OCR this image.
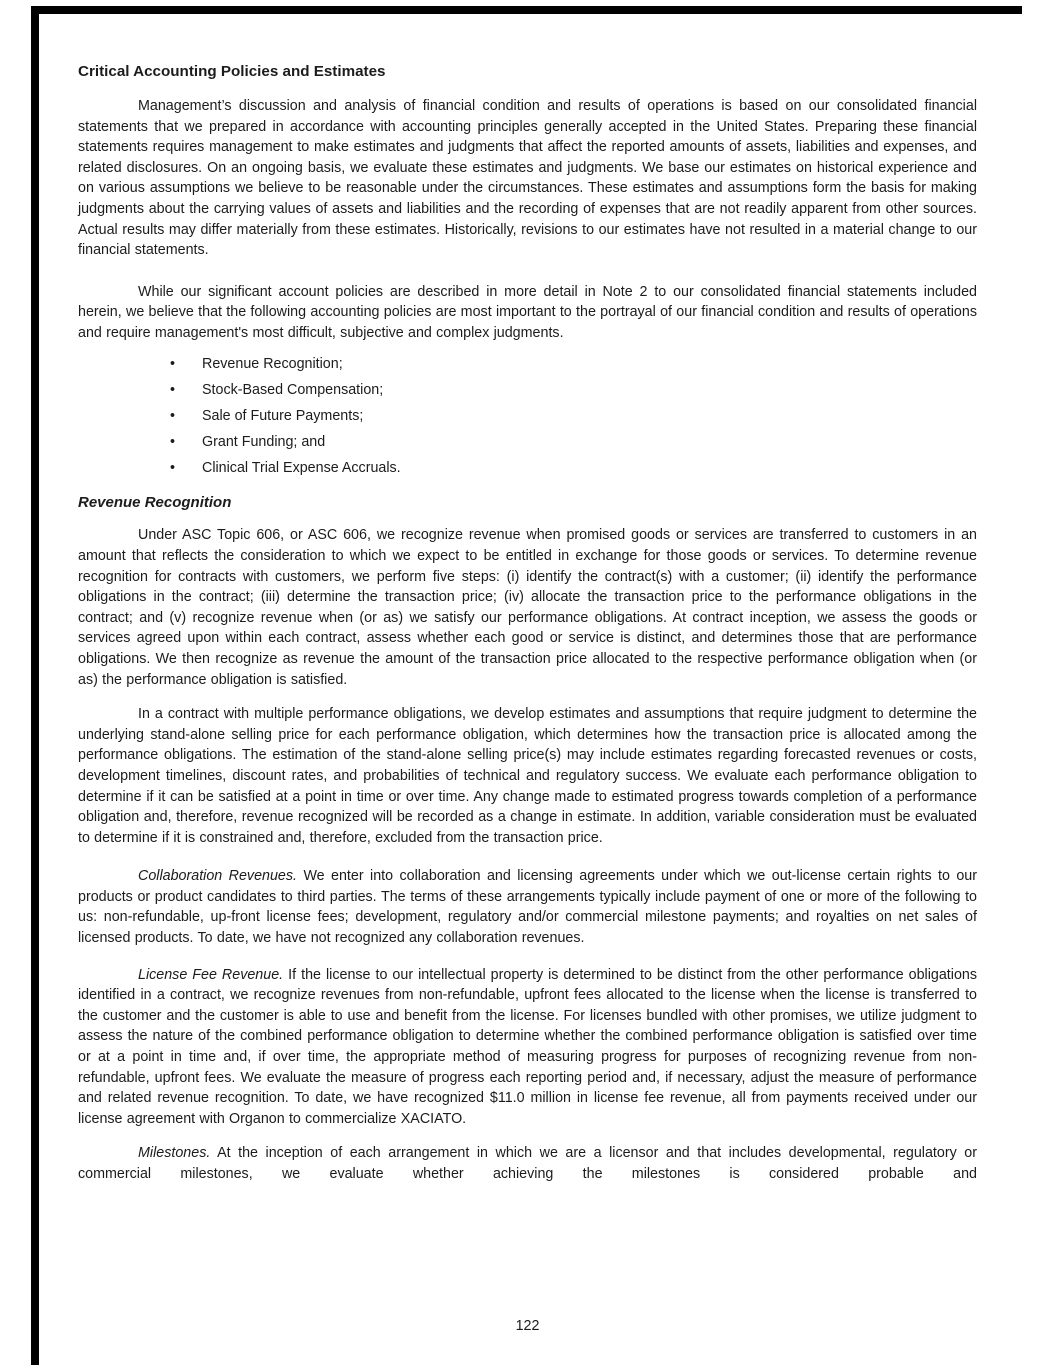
Critical Accounting Policies and Estimates

Management’s discussion and analysis of financial condition and results of operations is based on our consolidated financial statements that we prepared in accordance with accounting principles generally accepted in the United States. Preparing these financial statements requires management to make estimates and judgments that affect the reported amounts of assets, liabilities and expenses, and related disclosures. On an ongoing basis, we evaluate these estimates and judgments. We base our estimates on historical experience and on various assumptions we believe to be reasonable under the circumstances. These estimates and assumptions form the basis for making judgments about the carrying values of assets and liabilities and the recording of expenses that are not readily apparent from other sources. Actual results may differ materially from these estimates. Historically, revisions to our estimates have not resulted in a material change to our financial statements.

While our significant account policies are described in more detail in Note 2 to our consolidated financial statements included herein, we believe that the following accounting policies are most important to the portrayal of our financial condition and results of operations and require management's most difficult, subjective and complex judgments.

• Revenue Recognition;
• Stock-Based Compensation;
• Sale of Future Payments;
• Grant Funding; and
• Clinical Trial Expense Accruals.
Revenue Recognition

Under ASC Topic 606, or ASC 606, we recognize revenue when promised goods or services are transferred to customers in an amount that reflects the consideration to which we expect to be entitled in exchange for those goods or services. To determine revenue recognition for contracts with customers, we perform five steps: (i) identify the contract(s) with a customer; (ii) identify the performance obligations in the contract; (iii) determine the transaction price; (iv) allocate the transaction price to the performance obligations in the contract; and (v) recognize revenue when (or as) we satisfy our performance obligations. At contract inception, we assess the goods or services agreed upon within each contract, assess whether each good or service is distinct, and determines those that are performance obligations. We then recognize as revenue the amount of the transaction price allocated to the respective performance obligation when (or as) the performance obligation is satisfied.

In a contract with multiple performance obligations, we develop estimates and assumptions that require judgment to determine the underlying stand-alone selling price for each performance obligation, which determines how the transaction price is allocated among the performance obligations. The estimation of the stand-alone selling price(s) may include estimates regarding forecasted revenues or costs, development timelines, discount rates, and probabilities of technical and regulatory success. We evaluate each performance obligation to determine if it can be satisfied at a point in time or over time. Any change made to estimated progress towards completion of a performance obligation and, therefore, revenue recognized will be recorded as a change in estimate. In addition, variable consideration must be evaluated to determine if it is constrained and, therefore, excluded from the transaction price.

Collaboration Revenues. We enter into collaboration and licensing agreements under which we out-license certain rights to our products or product candidates to third parties. The terms of these arrangements typically include payment of one or more of the following to us: non-refundable, up-front license fees; development, regulatory and/or commercial milestone payments; and royalties on net sales of licensed products. To date, we have not recognized any collaboration revenues.

License Fee Revenue. If the license to our intellectual property is determined to be distinct from the other performance obligations identified in a contract, we recognize revenues from non-refundable, upfront fees allocated to the license when the license is transferred to the customer and the customer is able to use and benefit from the license. For licenses bundled with other promises, we utilize judgment to assess the nature of the combined performance obligation to determine whether the combined performance obligation is satisfied over time or at a point in time and, if over time, the appropriate method of measuring progress for purposes of recognizing revenue from non-refundable, upfront fees. We evaluate the measure of progress each reporting period and, if necessary, adjust the measure of performance and related revenue recognition. To date, we have recognized $11.0 million in license fee revenue, all from payments received under our license agreement with Organon to commercialize XACIATO.

Milestones. At the inception of each arrangement in which we are a licensor and that includes developmental, regulatory or commercial milestones, we evaluate whether achieving the milestones is considered probable and

122
